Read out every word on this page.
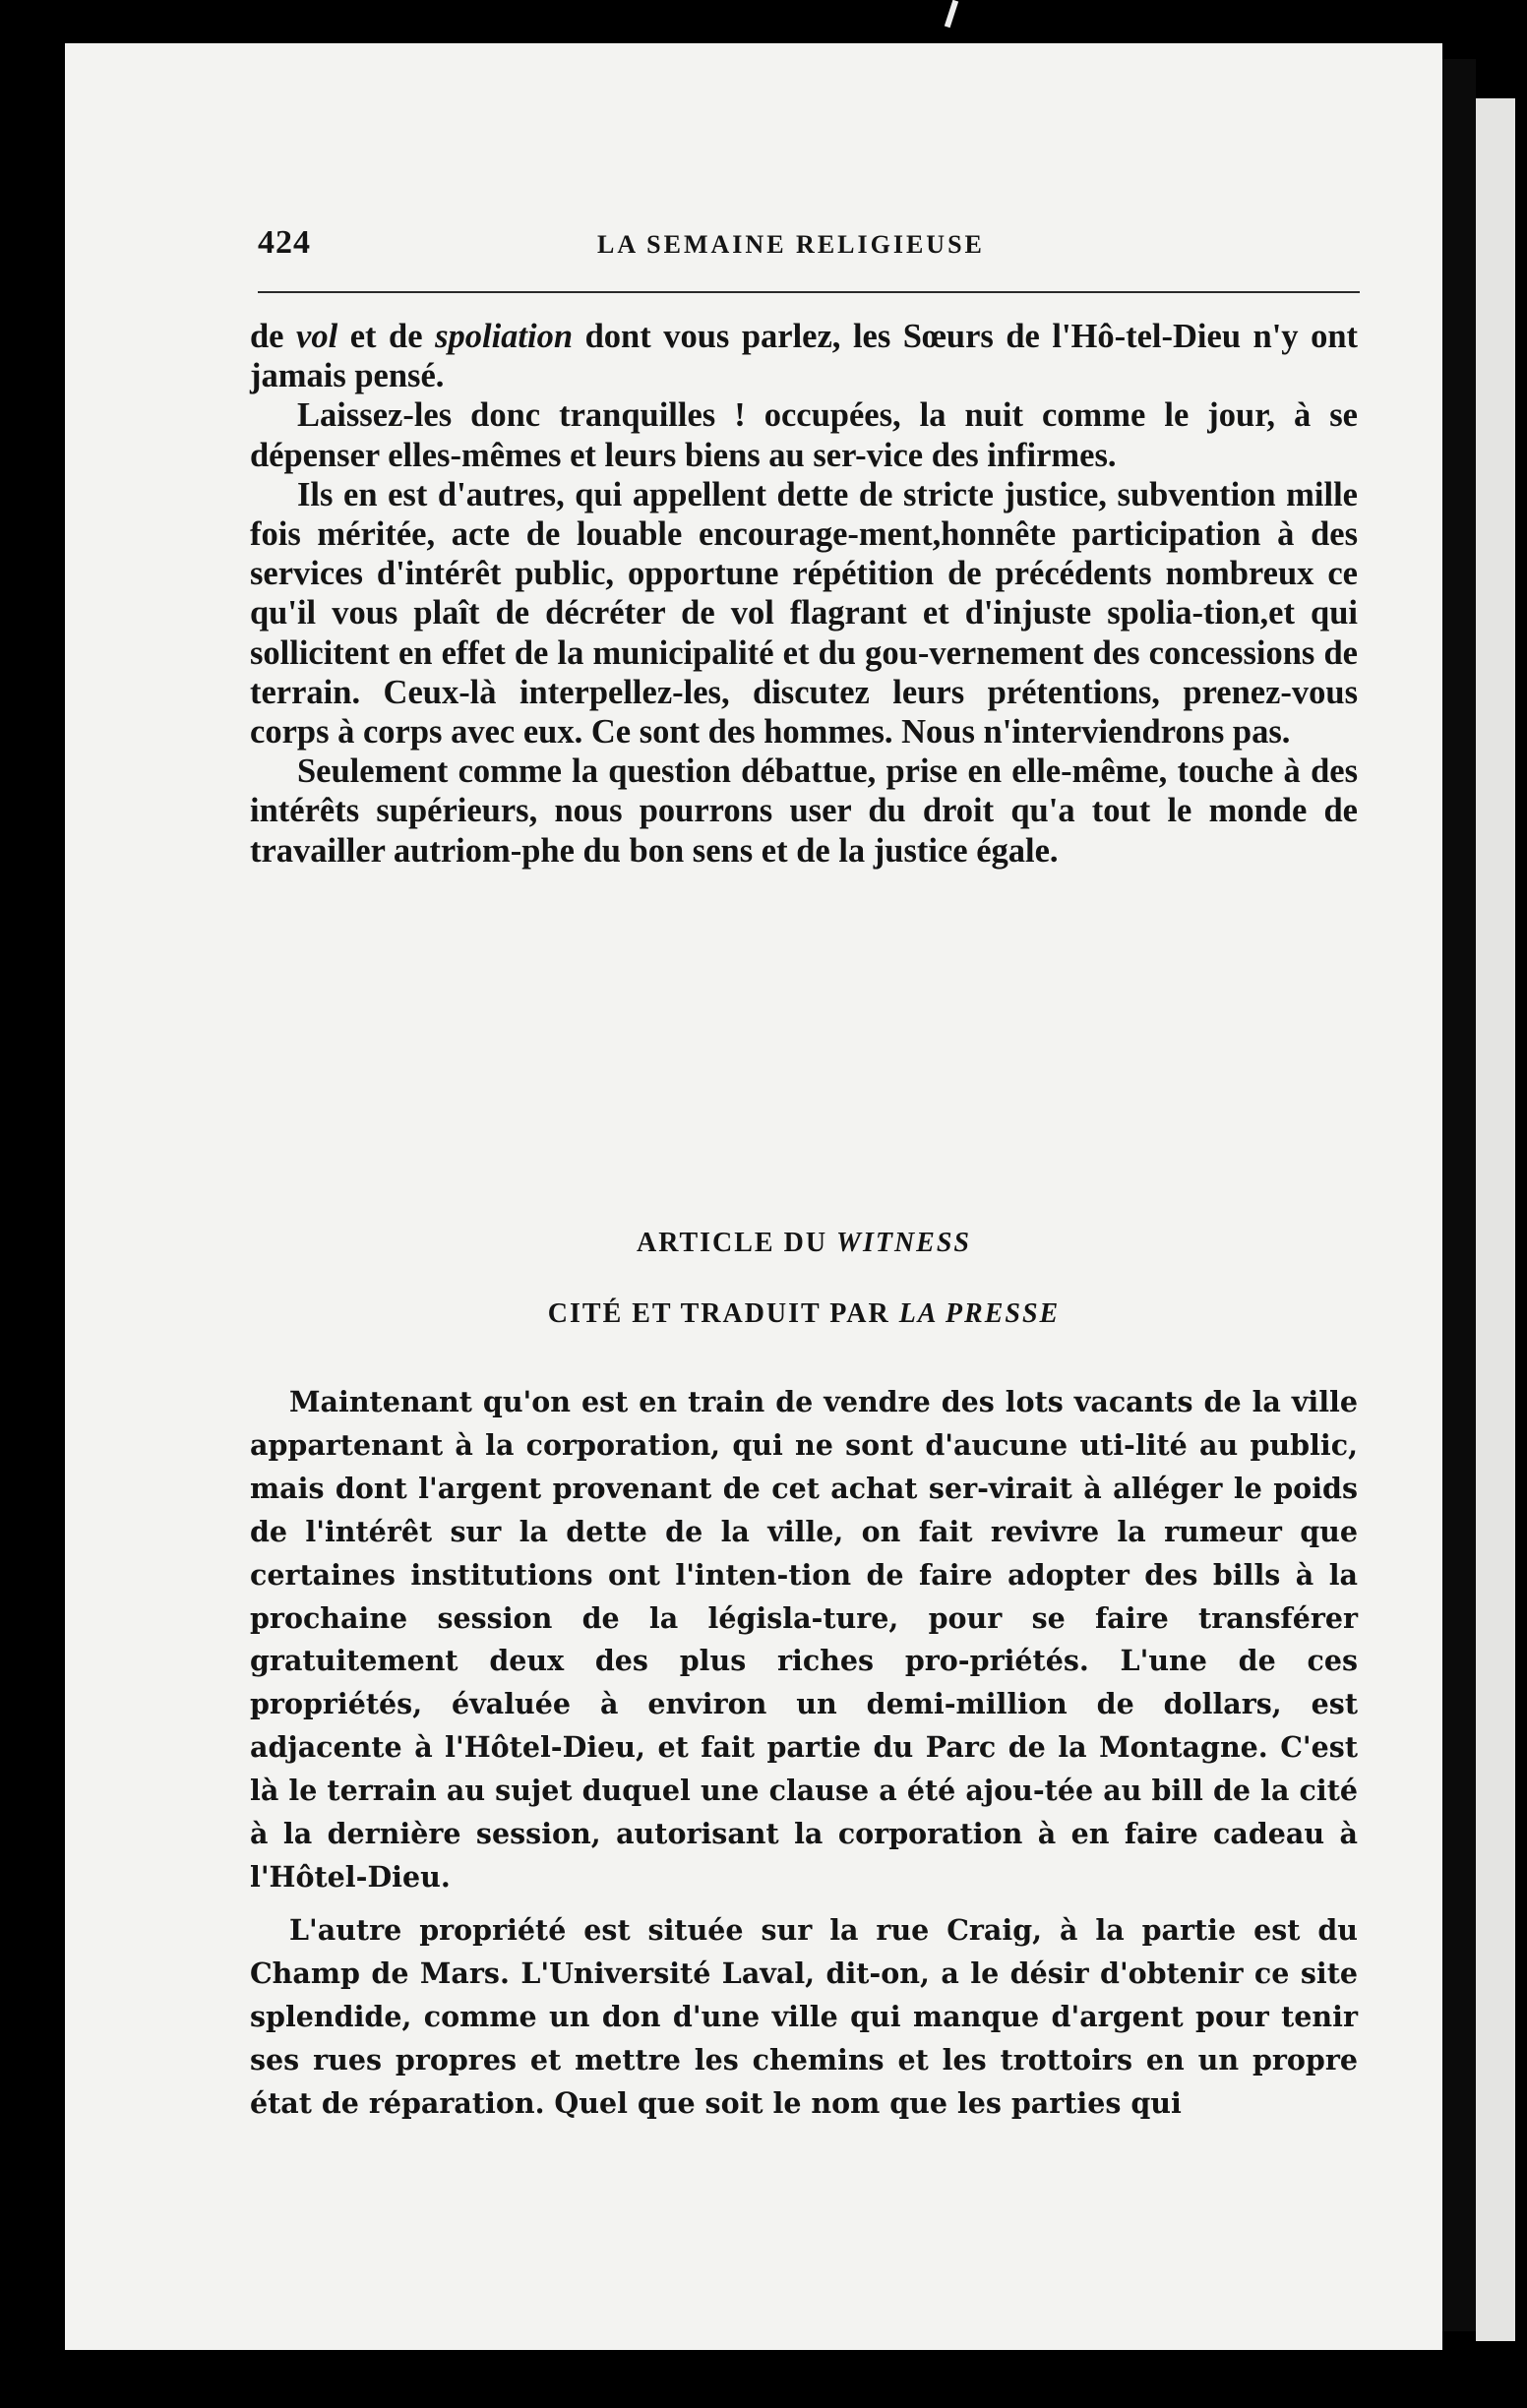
424	LA SEMAINE RELIGIEUSE

de vol et de spoliation dont vous parlez, les Sœurs de l'Hô-tel-Dieu n'y ont jamais pensé.

Laissez-les donc tranquilles ! occupées, la nuit comme le jour, à se dépenser elles-mêmes et leurs biens au ser-vice des infirmes.

Ils en est d'autres, qui appellent dette de stricte justice, subvention mille fois méritée, acte de louable encourage-ment,honnête participation à des services d'intérêt public, opportune répétition de précédents nombreux ce qu'il vous plaît de décréter de vol flagrant et d'injuste spolia-tion,et qui sollicitent en effet de la municipalité et du gou-vernement des concessions de terrain. Ceux-là interpellez-les, discutez leurs prétentions, prenez-vous corps à corps avec eux. Ce sont des hommes. Nous n'interviendrons pas.

Seulement comme la question débattue, prise en elle-même, touche à des intérêts supérieurs, nous pourrons user du droit qu'a tout le monde de travailler autriom-phe du bon sens et de la justice égale.

ARTICLE DU WITNESS
CITÉ ET TRADUIT PAR LA PRESSE

Maintenant qu'on est en train de vendre des lots vacants de la ville appartenant à la corporation, qui ne sont d'aucune uti-lité au public, mais dont l'argent provenant de cet achat ser-virait à alléger le poids de l'intérêt sur la dette de la ville, on fait revivre la rumeur que certaines institutions ont l'inten-tion de faire adopter des bills à la prochaine session de la législa-ture, pour se faire transférer gratuitement deux des plus riches pro-priétés. L'une de ces propriétés, évaluée à environ un demi-million de dollars, est adjacente à l'Hôtel-Dieu, et fait partie du Parc de la Montagne. C'est là le terrain au sujet duquel une clause a été ajou-tée au bill de la cité à la dernière session, autorisant la corporation à en faire cadeau à l'Hôtel-Dieu.

L'autre propriété est située sur la rue Craig, à la partie est du Champ de Mars. L'Université Laval, dit-on, a le désir d'obtenir ce site splendide, comme un don d'une ville qui manque d'argent pour tenir ses rues propres et mettre les chemins et les trottoirs en un propre état de réparation. Quel que soit le nom que les parties qui
